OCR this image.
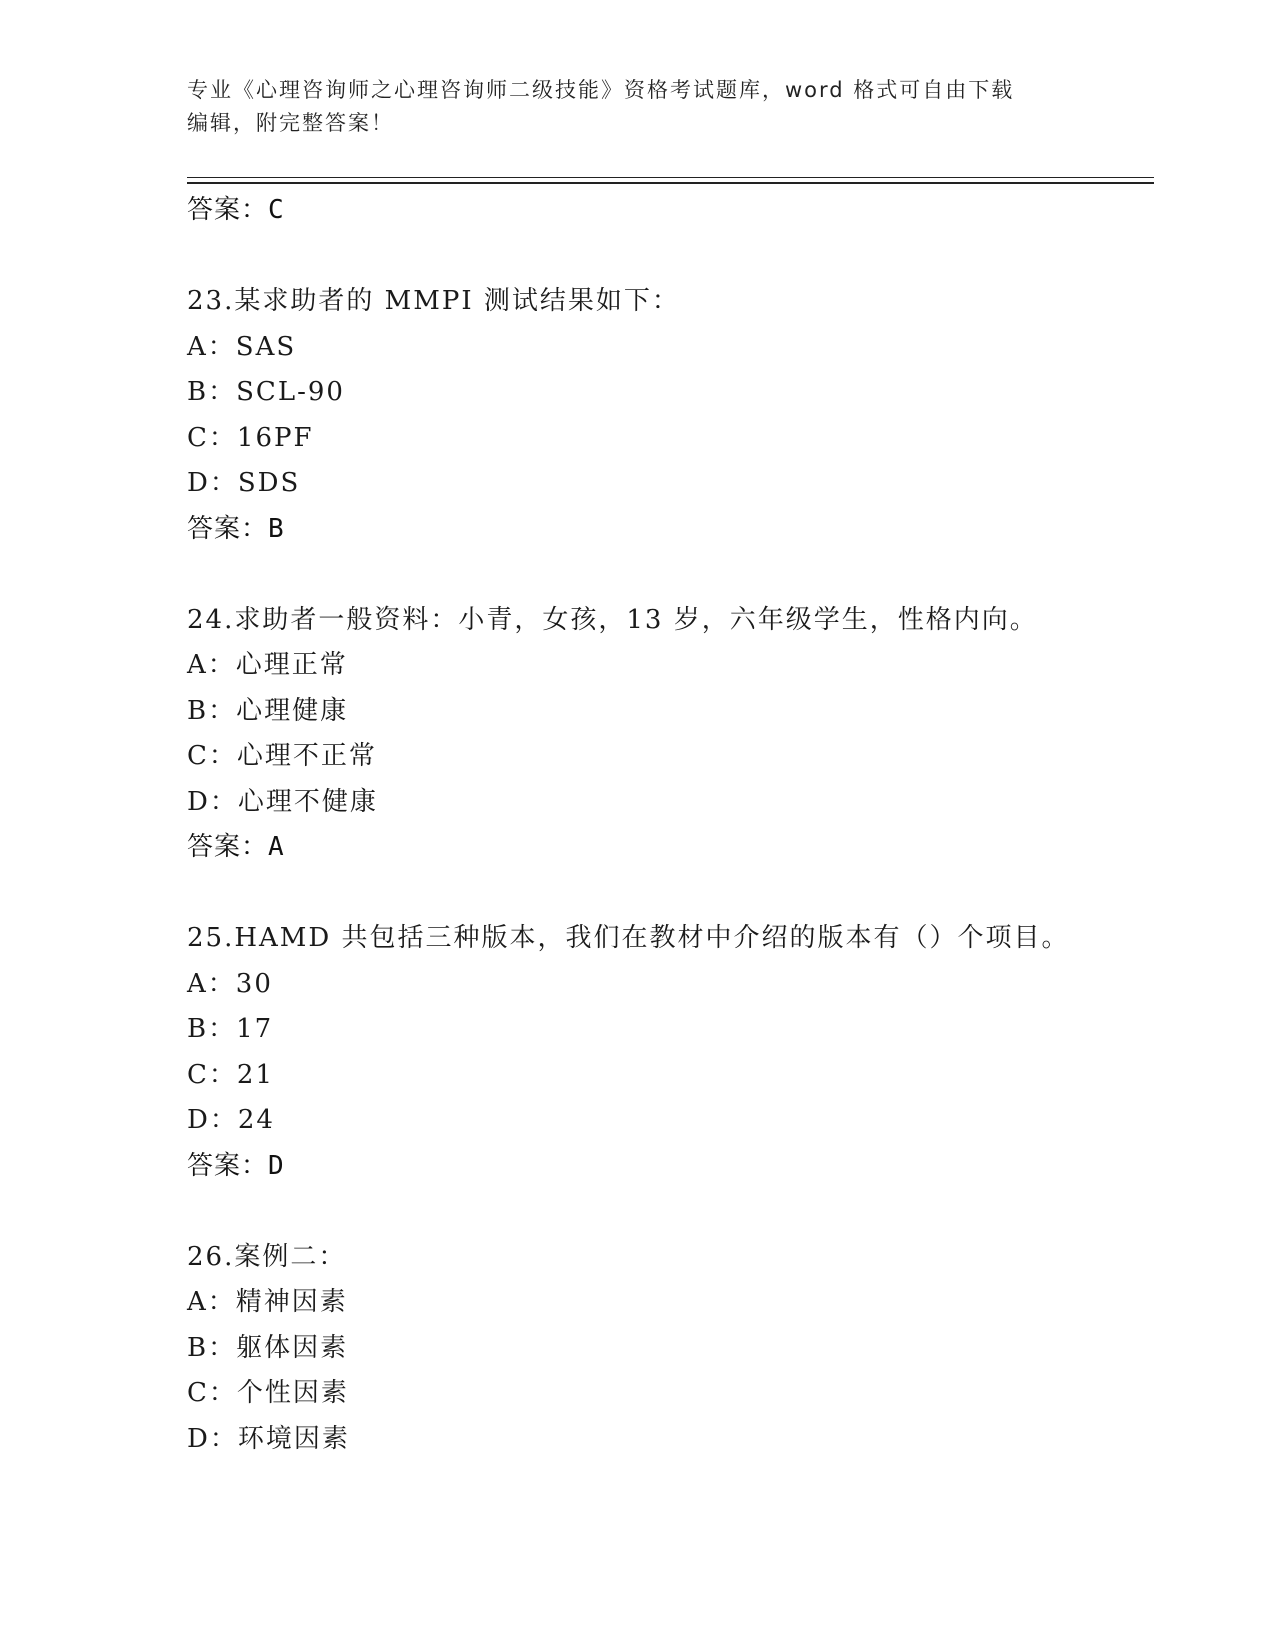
专业《心理咨询师之心理咨询师二级技能》资格考试题库，word 格式可自由下载
编辑，附完整答案！
答案：C
23.某求助者的 MMPI 测试结果如下：
A：SAS
B：SCL-90
C：16PF
D：SDS
答案：B
24.求助者一般资料：小青，女孩，13 岁，六年级学生，性格内向。
A：心理正常
B：心理健康
C：心理不正常
D：心理不健康
答案：A
25.HAMD 共包括三种版本，我们在教材中介绍的版本有（）个项目。
A：30
B：17
C：21
D：24
答案：D
26.案例二：
A：精神因素
B：躯体因素
C：个性因素
D：环境因素
